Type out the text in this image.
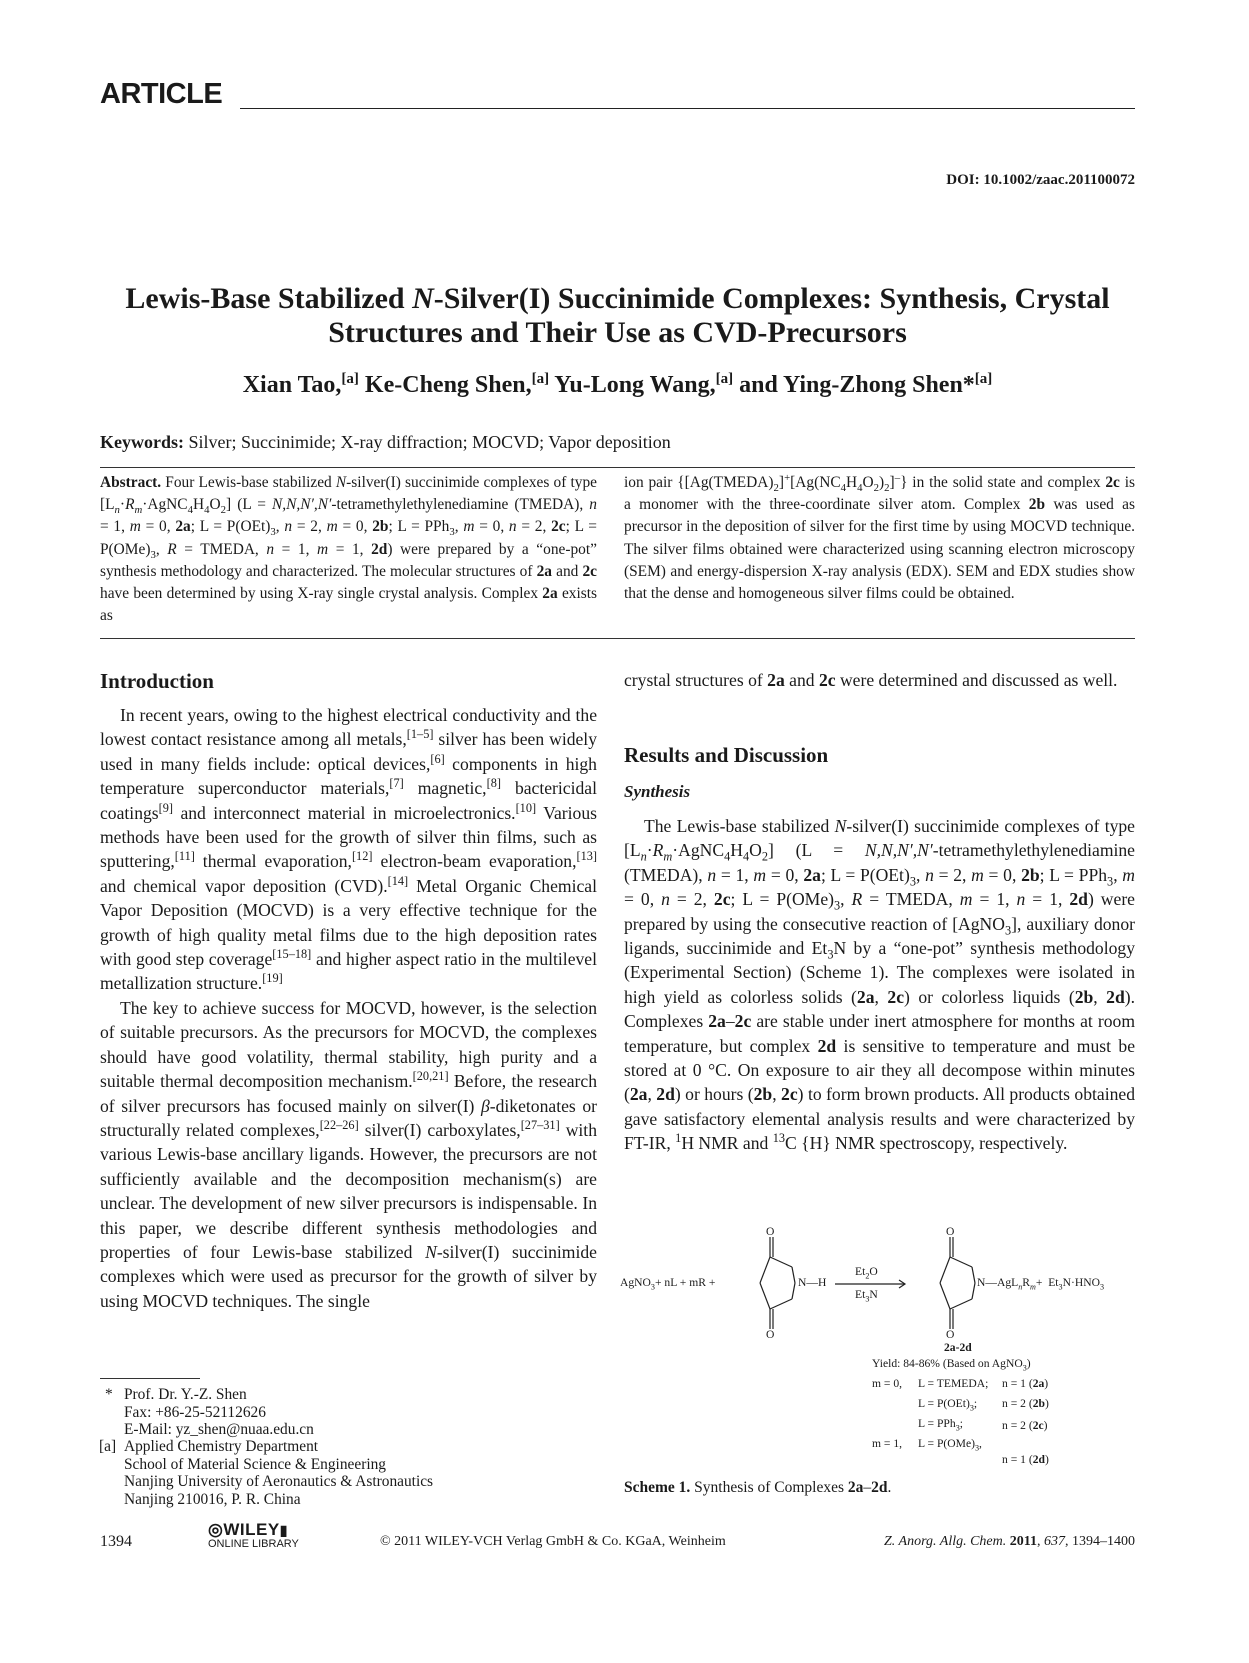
ARTICLE
DOI: 10.1002/zaac.201100072
Lewis-Base Stabilized N-Silver(I) Succinimide Complexes: Synthesis, Crystal
Structures and Their Use as CVD-Precursors
Xian Tao,[a] Ke-Cheng Shen,[a] Yu-Long Wang,[a] and Ying-Zhong Shen*[a]
Keywords: Silver; Succinimide; X-ray diffraction; MOCVD; Vapor deposition
Abstract. Four Lewis-base stabilized N-silver(I) succinimide complexes of type $[L_n\cdot R_m\cdot AgNC_4H_4O_2] (L$ = N,N,N′,N′-tetramethylethylenediamine (TMEDA), n = 1, m = 0, 2a; $L = P(OEt)_3$, n = 2, m = 0, 2b; L = PPh$_3$, m = 0, n = 2, 2c; $L = P(OMe)_3$, R = TMEDA, n = 1, m = 1, 2d) were prepared by a “one-pot” synthesis methodology and characterized. The molecular structures of 2a and 2c have been determined by using X-ray single crystal analysis. Complex 2a exists as
ion pair $\{[Ag(TMEDA)_2]^+[Ag(NC_4H_4O_2)_2]^-\}$ in the solid state and complex 2c is a monomer with the three-coordinate silver atom. Complex 2b was used as precursor in the deposition of silver for the first time by using MOCVD technique. The silver films obtained were characterized using scanning electron microscopy (SEM) and energy-dispersion X-ray analysis (EDX). SEM and EDX studies show that the dense and homogeneous silver films could be obtained.
Introduction

In recent years, owing to the highest electrical conductivity and the lowest contact resistance among all metals,[1–5] silver has been widely used in many fields include: optical devices,[6] components in high temperature superconductor materials,[7] magnetic,[8] bactericidal coatings[9] and interconnect material in microelectronics.[10] Various methods have been used for the growth of silver thin films, such as sputtering,[11] thermal evaporation,[12] electron-beam evaporation,[13] and chemical vapor deposition (CVD).[14] Metal Organic Chemical Vapor Deposition (MOCVD) is a very effective technique for the growth of high quality metal films due to the high deposition rates with good step coverage[15–18] and higher aspect ratio in the multilevel metallization structure.[19]

The key to achieve success for MOCVD, however, is the selection of suitable precursors. As the precursors for MOCVD, the complexes should have good volatility, thermal stability, high purity and a suitable thermal decomposition mechanism.[20,21] Before, the research of silver precursors has focused mainly on silver(I) β-diketonates or structurally related complexes,[22–26] silver(I) carboxylates,[27–31] with various Lewis-base ancillary ligands. However, the precursors are not sufficiently available and the decomposition mechanism(s) are unclear. The development of new silver precursors is indispensable. In this paper, we describe different synthesis methodologies and properties of four Lewis-base stabilized N-silver(I) succinimide complexes which were used as precursor for the growth of silver by using MOCVD techniques. The single

* Prof. Dr. Y.-Z. Shen
Fax: +86-25-52112626
E-Mail: yz_shen@nuaa.edu.cn
[a] Applied Chemistry Department
School of Material Science & Engineering
Nanjing University of Aeronautics & Astronautics
Nanjing 210016, P. R. China

crystal structures of 2a and 2c were determined and discussed as well.

Results and Discussion
Synthesis

The Lewis-base stabilized N-silver(I) succinimide complexes of type $[L_n\cdot R_m\cdot AgNC_4H_4O_2] (L$ = N,N,N′,N′-tetramethylethylenediamine (TMEDA), n = 1, m = 0, 2a; $L = P(OEt)_3$, n = 2, m = 0, 2b; L = PPh$_3$, m = 0, n = 2, 2c; $L = P(OMe)_3$, R = TMEDA, m = 1, n = 1, 2d) were prepared by using the consecutive reaction of [AgNO$_3$], auxiliary donor ligands, succinimide and $Et_3N$ by a “one-pot” synthesis methodology (Experimental Section) (Scheme 1). The complexes were isolated in high yield as colorless solids (2a, 2c) or colorless liquids (2b, 2d). Complexes 2a–2c are stable under inert atmosphere for months at room temperature, but complex 2d is sensitive to temperature and must be stored at 0 °C. On exposure to air they all decompose within minutes (2a, 2d) or hours (2b, 2c) to form brown products. All products obtained gave satisfactory elemental analysis results and were characterized by FT-IR, $^1$H NMR and $^{13}$C {H} NMR spectroscopy, respectively.

O
O
O
O
AgNO$_3$+ nL + mR +	N—H
$Et_2O$
$Et_3N$
$N—AgL_nR_m+ Et_3N\cdot HNO_3$
2a-2d
Yield: 84-86% (Based on AgNO$_3$)
m = 0, L = TEMEDA; n = 1 (2a)
$L = P(OEt)_3$; n = 2 (2b)
L = PPh$_3$;	n = 2 (2c)
m = 1, $L = P(OMe)_3$,
n = 1 (2d)
Scheme 1. Synthesis of Complexes 2a–2d.
1394
◎WILEY▮
ONLINE LIBRARY	© 2011 WILEY-VCH Verlag GmbH & Co. KGaA, Weinheim	Z. Anorg. Allg. Chem. 2011, 637, 1394–1400
